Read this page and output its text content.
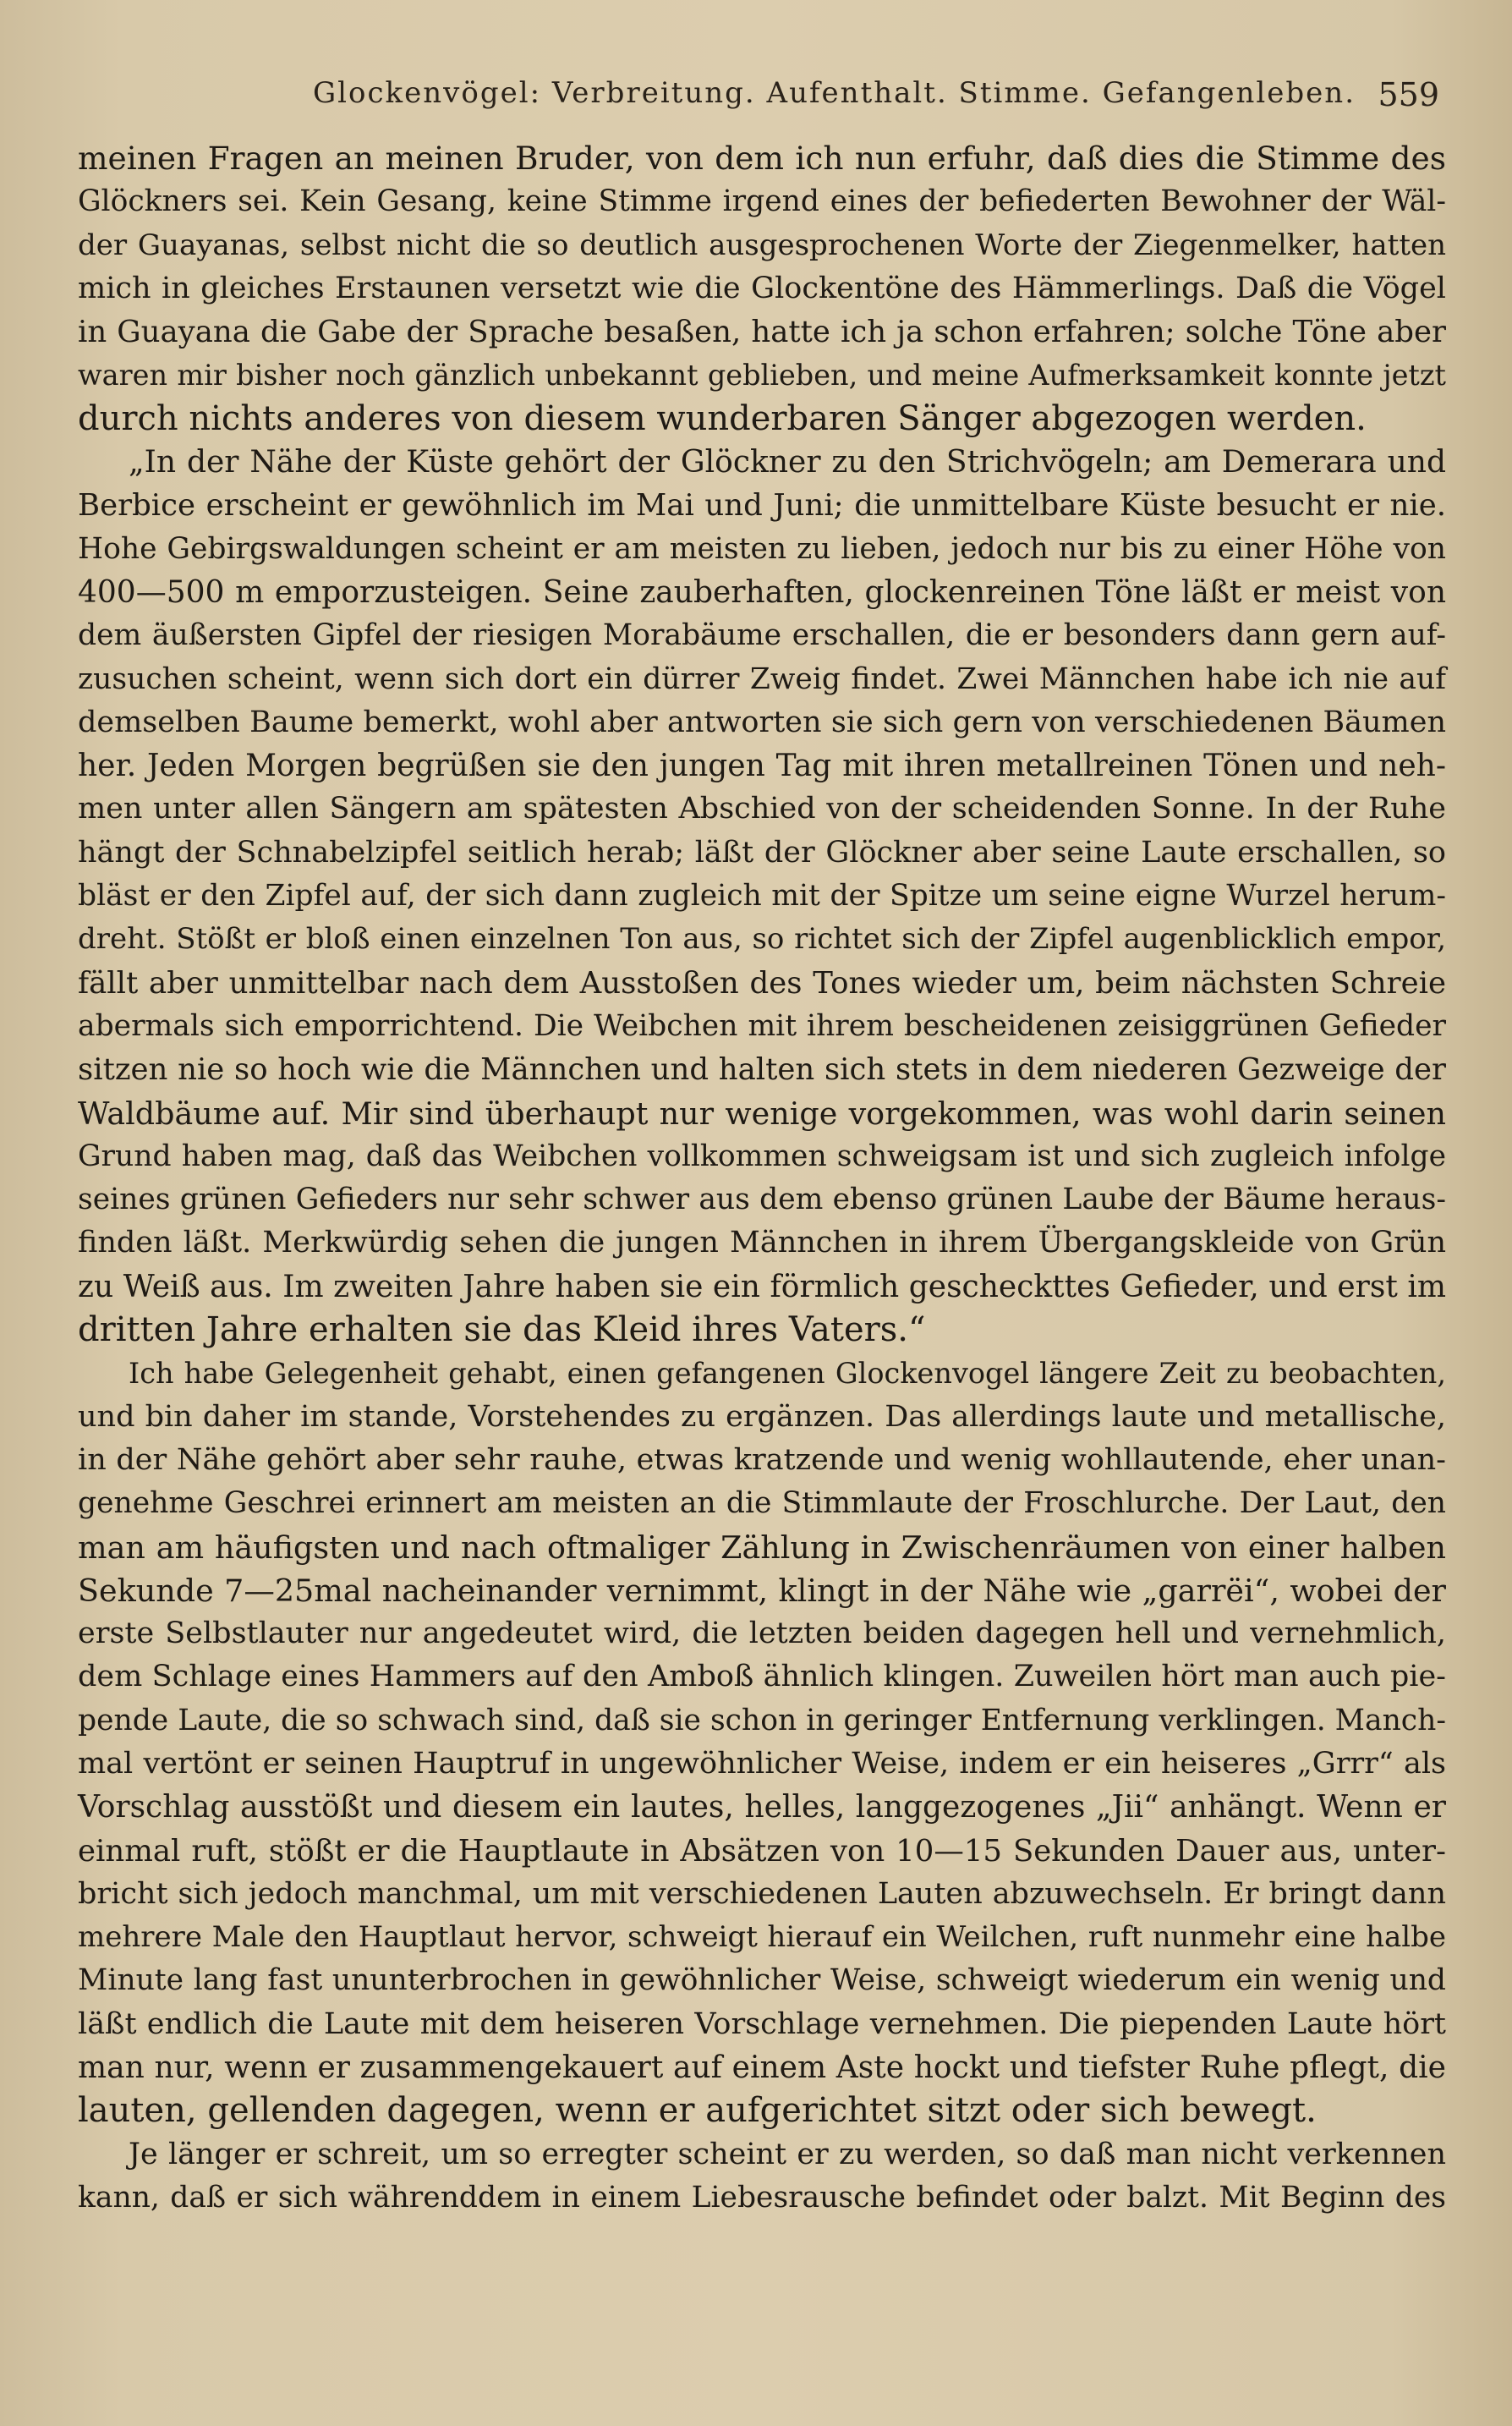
Glockenvögel: Verbreitung. Aufenthalt. Stimme. Gefangenleben. 559
meinen Fragen an meinen Bruder, von dem ich nun erfuhr, daß dies die Stimme des
Glöckners sei. Kein Gesang, keine Stimme irgend eines der befiederten Bewohner der Wäl-
der Guayanas, selbst nicht die so deutlich ausgesprochenen Worte der Ziegenmelker, hatten
mich in gleiches Erstaunen versetzt wie die Glockentöne des Hämmerlings. Daß die Vögel
in Guayana die Gabe der Sprache besaßen, hatte ich ja schon erfahren; solche Töne aber
waren mir bisher noch gänzlich unbekannt geblieben, und meine Aufmerksamkeit konnte jetzt
durch nichts anderes von diesem wunderbaren Sänger abgezogen werden.
„In der Nähe der Küste gehört der Glöckner zu den Strichvögeln; am Demerara und
Berbice erscheint er gewöhnlich im Mai und Juni; die unmittelbare Küste besucht er nie.
Hohe Gebirgswaldungen scheint er am meisten zu lieben, jedoch nur bis zu einer Höhe von
400—500 m emporzusteigen. Seine zauberhaften, glockenreinen Töne läßt er meist von
dem äußersten Gipfel der riesigen Morabäume erschallen, die er besonders dann gern auf-
zusuchen scheint, wenn sich dort ein dürrer Zweig findet. Zwei Männchen habe ich nie auf
demselben Baume bemerkt, wohl aber antworten sie sich gern von verschiedenen Bäumen
her. Jeden Morgen begrüßen sie den jungen Tag mit ihren metallreinen Tönen und neh-
men unter allen Sängern am spätesten Abschied von der scheidenden Sonne. In der Ruhe
hängt der Schnabelzipfel seitlich herab; läßt der Glöckner aber seine Laute erschallen, so
bläst er den Zipfel auf, der sich dann zugleich mit der Spitze um seine eigne Wurzel herum-
dreht. Stößt er bloß einen einzelnen Ton aus, so richtet sich der Zipfel augenblicklich empor,
fällt aber unmittelbar nach dem Ausstoßen des Tones wieder um, beim nächsten Schreie
abermals sich emporrichtend. Die Weibchen mit ihrem bescheidenen zeisiggrünen Gefieder
sitzen nie so hoch wie die Männchen und halten sich stets in dem niederen Gezweige der
Waldbäume auf. Mir sind überhaupt nur wenige vorgekommen, was wohl darin seinen
Grund haben mag, daß das Weibchen vollkommen schweigsam ist und sich zugleich infolge
seines grünen Gefieders nur sehr schwer aus dem ebenso grünen Laube der Bäume heraus-
finden läßt. Merkwürdig sehen die jungen Männchen in ihrem Übergangskleide von Grün
zu Weiß aus. Im zweiten Jahre haben sie ein förmlich gescheckttes Gefieder, und erst im
dritten Jahre erhalten sie das Kleid ihres Vaters.“
Ich habe Gelegenheit gehabt, einen gefangenen Glockenvogel längere Zeit zu beobachten,
und bin daher im stande, Vorstehendes zu ergänzen. Das allerdings laute und metallische,
in der Nähe gehört aber sehr rauhe, etwas kratzende und wenig wohllautende, eher unan-
genehme Geschrei erinnert am meisten an die Stimmlaute der Froschlurche. Der Laut, den
man am häufigsten und nach oftmaliger Zählung in Zwischenräumen von einer halben
Sekunde 7—25mal nacheinander vernimmt, klingt in der Nähe wie „garrëi“, wobei der
erste Selbstlauter nur angedeutet wird, die letzten beiden dagegen hell und vernehmlich,
dem Schlage eines Hammers auf den Amboß ähnlich klingen. Zuweilen hört man auch pie-
pende Laute, die so schwach sind, daß sie schon in geringer Entfernung verklingen. Manch-
mal vertönt er seinen Hauptruf in ungewöhnlicher Weise, indem er ein heiseres „Grrr“ als
Vorschlag ausstößt und diesem ein lautes, helles, langgezogenes „Jii“ anhängt. Wenn er
einmal ruft, stößt er die Hauptlaute in Absätzen von 10—15 Sekunden Dauer aus, unter-
bricht sich jedoch manchmal, um mit verschiedenen Lauten abzuwechseln. Er bringt dann
mehrere Male den Hauptlaut hervor, schweigt hierauf ein Weilchen, ruft nunmehr eine halbe
Minute lang fast ununterbrochen in gewöhnlicher Weise, schweigt wiederum ein wenig und
läßt endlich die Laute mit dem heiseren Vorschlage vernehmen. Die piependen Laute hört
man nur, wenn er zusammengekauert auf einem Aste hockt und tiefster Ruhe pflegt, die
lauten, gellenden dagegen, wenn er aufgerichtet sitzt oder sich bewegt.
Je länger er schreit, um so erregter scheint er zu werden, so daß man nicht verkennen
kann, daß er sich währenddem in einem Liebesrausche befindet oder balzt. Mit Beginn des
